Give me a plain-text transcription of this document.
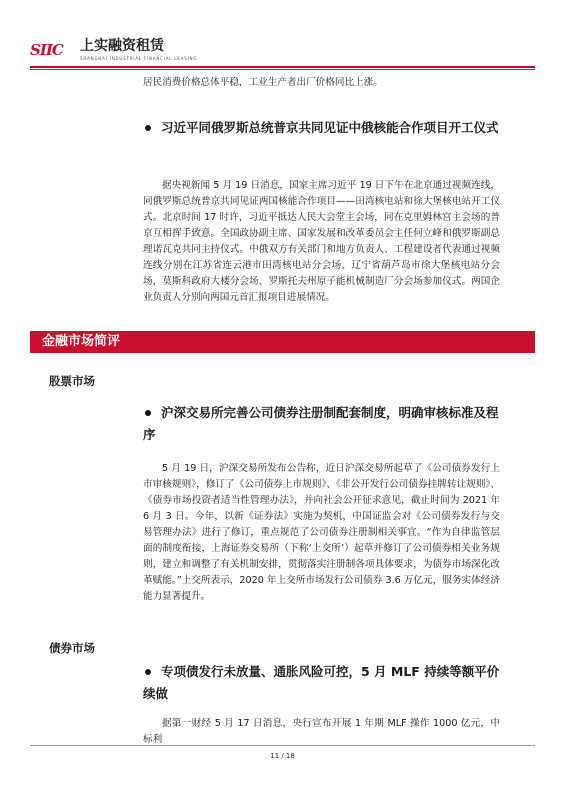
SIIC	上实融资租赁
SHANGHAI INDUSTRIAL FINANCIAL LEASING

居民消费价格总体平稳，工业生产者出厂价格同比上涨。

习近平同俄罗斯总统普京共同见证中俄核能合作项目开工仪式

据央视新闻 5 月 19 日消息，国家主席习近平 19 日下午在北京通过视频连线，同俄罗斯总统普京共同见证两国核能合作项目——田湾核电站和徐大堡核电站开工仪式。北京时间 17 时许，习近平抵达人民大会堂主会场，同在克里姆林宫主会场的普京互相挥手致意。全国政协副主席、国家发展和改革委员会主任何立峰和俄罗斯副总理诺瓦克共同主持仪式。中俄双方有关部门和地方负责人、工程建设者代表通过视频连线分别在江苏省连云港市田湾核电站分会场、辽宁省葫芦岛市徐大堡核电站分会场，莫斯科政府大楼分会场、罗斯托夫州原子能机械制造厂分会场参加仪式。两国企业负责人分别向两国元首汇报项目进展情况。

金融市场简评
股票市场

沪深交易所完善公司债券注册制配套制度，明确审核标准及程序

5 月 19 日，沪深交易所发布公告称，近日沪深交易所起草了《公司债券发行上市审核规则》，修订了《公司债券上市规则》、《非公开发行公司债券挂牌转让规则》、《债券市场投资者适当性管理办法》，并向社会公开征求意见，截止时间为 2021 年 6 月 3 日。今年，以新《证券法》实施为契机，中国证监会对《公司债券发行与交易管理办法》进行了修订，重点规范了公司债券注册制相关事宜。“作为自律监管层面的制度衔接，上海证券交易所（下称‘上交所’）起草并修订了公司债券相关业务规则，建立和调整了有关机制安排，贯彻落实注册制各项具体要求，为债券市场深化改革赋能。”上交所表示，2020 年上交所市场发行公司债券 3.6 万亿元，服务实体经济能力显著提升。

债券市场

专项债发行未放量、通胀风险可控，5 月 MLF 持续等额平价续做

据第一财经 5 月 17 日消息，央行宣布开展 1 年期 MLF 操作 1000 亿元，中标利

11 / 18
